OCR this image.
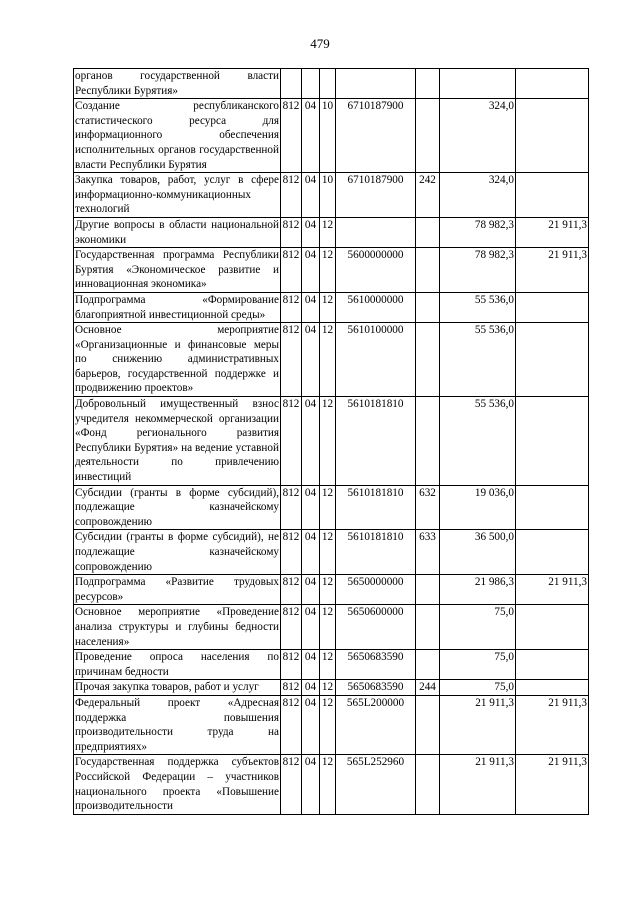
479
органов государственной власти Республики Бурятия»							
Создание республиканского статистического ресурса для информационного обеспечения исполнительных органов государственной власти Республики Бурятия	812	04	10	6710187900		324,0	
Закупка товаров, работ, услуг в сфере информационно-коммуникационных технологий	812	04	10	6710187900	242	324,0	
Другие вопросы в области национальной экономики	812	04	12			78 982,3	21 911,3
Государственная программа Республики Бурятия «Экономическое развитие и инновационная экономика»	812	04	12	5600000000		78 982,3	21 911,3
Подпрограмма «Формирование благоприятной инвестиционной среды»	812	04	12	5610000000		55 536,0	
Основное мероприятие «Организационные и финансовые меры по снижению административных барьеров, государственной поддержке и продвижению проектов»	812	04	12	5610100000		55 536,0	
Добровольный имущественный взнос учредителя некоммерческой организации «Фонд регионального развития Республики Бурятия» на ведение уставной деятельности по привлечению инвестиций	812	04	12	5610181810		55 536,0	
Субсидии (гранты в форме субсидий), подлежащие казначейскому сопровождению	812	04	12	5610181810	632	19 036,0	
Субсидии (гранты в форме субсидий), не подлежащие казначейскому сопровождению	812	04	12	5610181810	633	36 500,0	
Подпрограмма «Развитие трудовых ресурсов»	812	04	12	5650000000		21 986,3	21 911,3
Основное мероприятие «Проведение анализа структуры и глубины бедности населения»	812	04	12	5650600000		75,0	
Проведение опроса населения по причинам бедности	812	04	12	5650683590		75,0	
Прочая закупка товаров, работ и услуг	812	04	12	5650683590	244	75,0	
Федеральный проект «Адресная поддержка повышения производительности труда на предприятиях»	812	04	12	565L200000		21 911,3	21 911,3
Государственная поддержка субъектов Российской Федерации – участников национального проекта «Повышение производительности	812	04	12	565L252960		21 911,3	21 911,3
